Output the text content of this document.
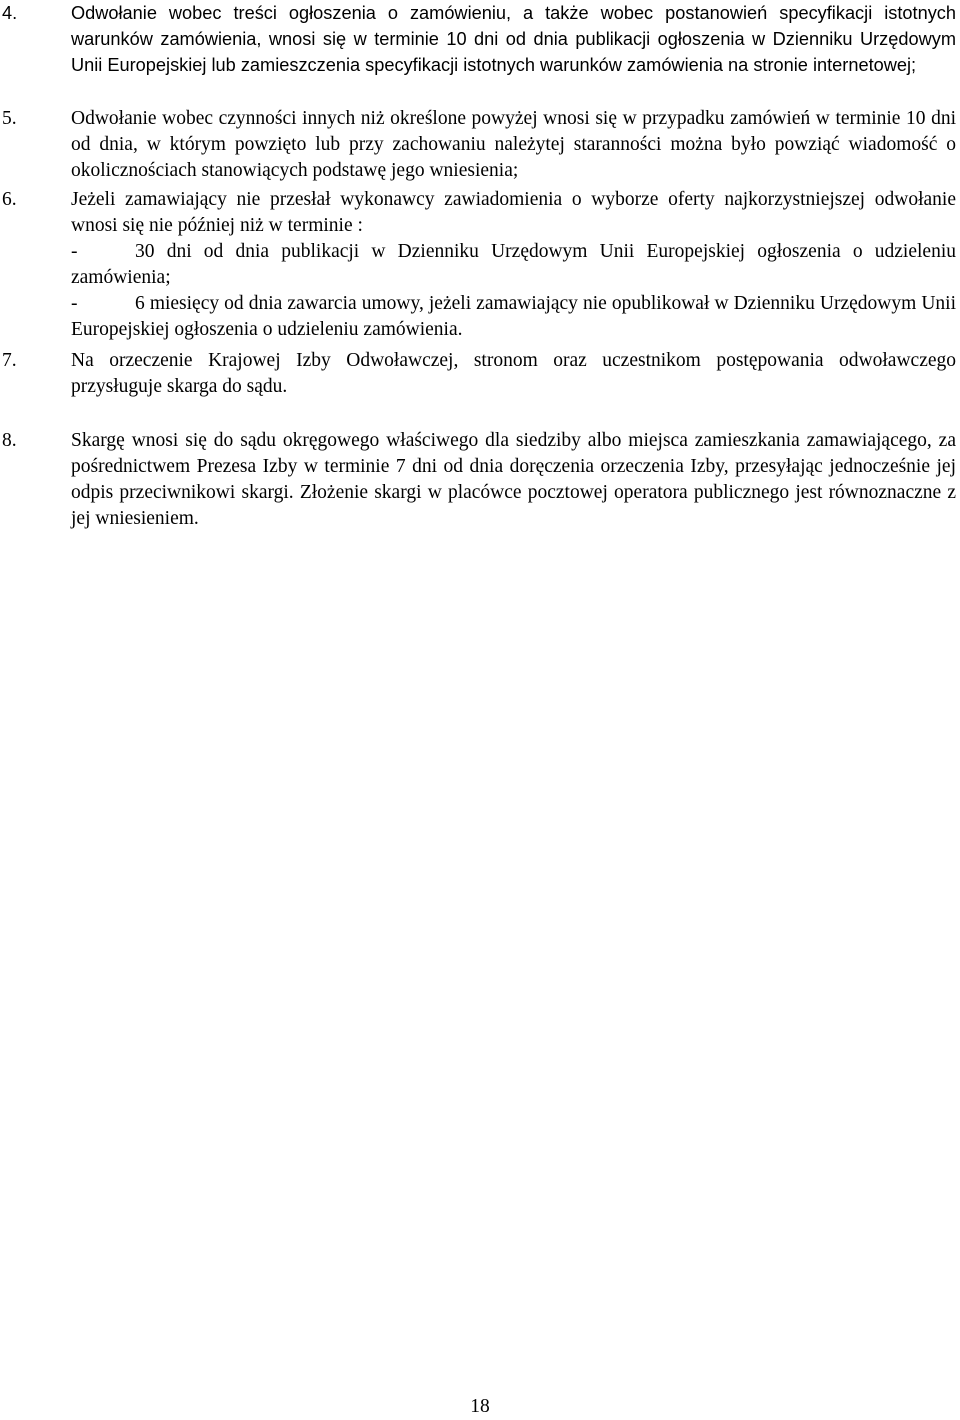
4.	Odwołanie wobec treści ogłoszenia o zamówieniu, a także wobec postanowień specyfikacji istotnych warunków zamówienia, wnosi się w terminie 10 dni od dnia publikacji ogłoszenia w Dzienniku Urzędowym Unii Europejskiej lub zamieszczenia specyfikacji istotnych warunków zamówienia na stronie internetowej;
5.	Odwołanie wobec czynności innych niż określone powyżej wnosi się w przypadku zamówień w terminie 10 dni od dnia, w którym powzięto lub przy zachowaniu należytej staranności można było powziąć wiadomość o okolicznościach stanowiących podstawę jego wniesienia;
6.	Jeżeli zamawiający nie przesłał wykonawcy zawiadomienia o wyborze oferty najkorzystniejszej odwołanie wnosi się nie później niż w terminie :
-	30 dni od dnia publikacji w Dzienniku Urzędowym Unii Europejskiej ogłoszenia o udzieleniu zamówienia;
-	6 miesięcy od dnia zawarcia umowy, jeżeli zamawiający nie opublikował w Dzienniku Urzędowym Unii Europejskiej ogłoszenia o udzieleniu zamówienia.
7.	Na orzeczenie Krajowej Izby Odwoławczej, stronom oraz uczestnikom postępowania odwoławczego przysługuje skarga do sądu.
8.	Skargę wnosi się do sądu okręgowego właściwego dla siedziby albo miejsca zamieszkania zamawiającego, za pośrednictwem Prezesa Izby w terminie 7 dni od dnia doręczenia orzeczenia Izby, przesyłając jednocześnie jej odpis przeciwnikowi skargi. Złożenie skargi w placówce pocztowej operatora publicznego jest równoznaczne z jej wniesieniem.
18
